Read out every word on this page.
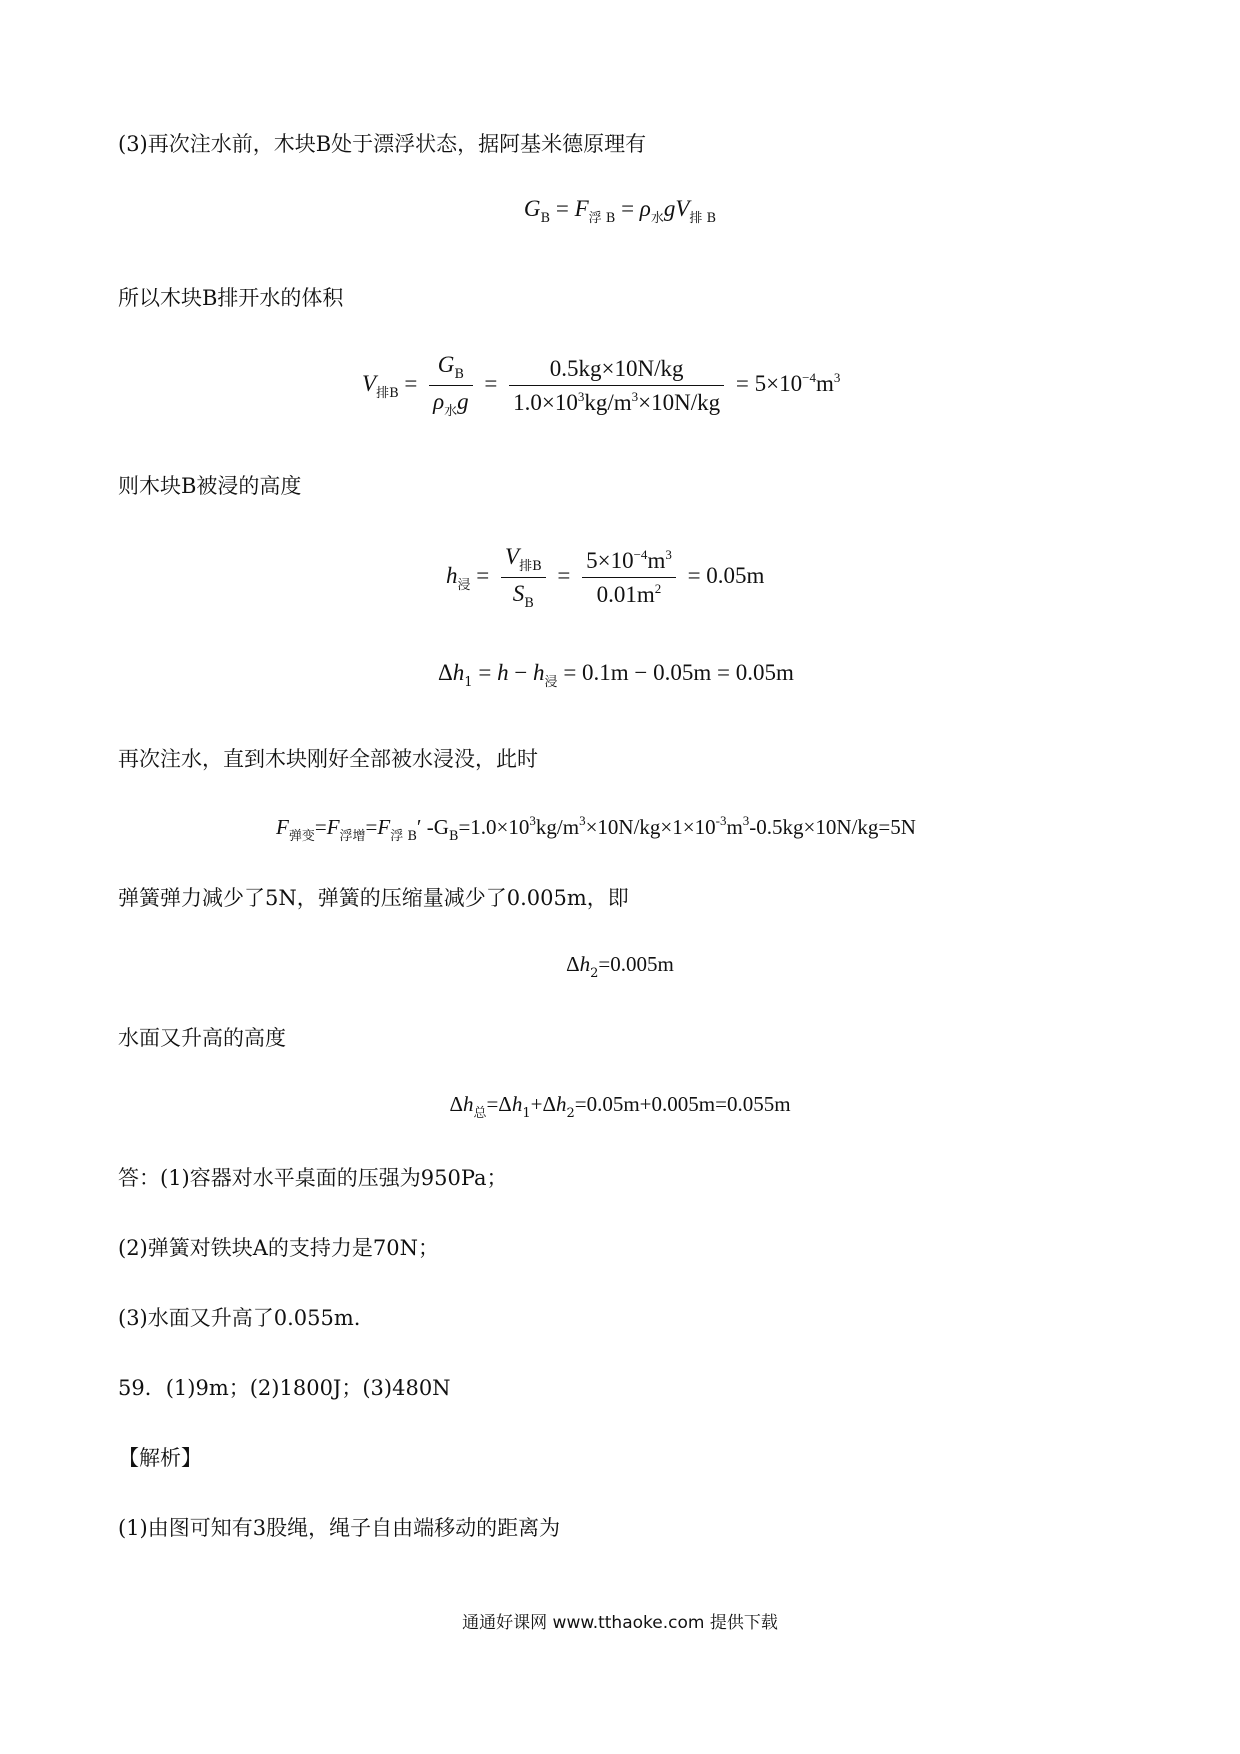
(3)再次注水前，木块B处于漂浮状态，据阿基米德原理有
$G_B = F_{浮 B} = \rho_水gV_{排 B}$
所以木块B排开水的体积
$V_{排B} = \frac{G_B}{\rho_水g} = \frac{0.5kg\times 10N/kg}{1.0\times 10^3kg/m^3\times 10N/kg} = 5\times 10^{-4}m^3$
则木块B被浸的高度
$h_浸 = \frac{V_{排B}}{S_B} = \frac{5\times 10^{-4}m^3}{0.01m^2} = 0.05m$
$\Delta h_1 = h - h_浸 = 0.1m - 0.05m = 0.05m$
再次注水，直到木块刚好全部被水浸没，此时
$F_{弹变}=F_{浮增}=F_{浮 B}'$ $-G_B=1.0\times 10^3kg/m^3\times 10N/kg\times 1\times 10^{-3}m^3-0.5kg\times 10N/kg=5N$
弹簧弹力减少了5N，弹簧的压缩量减少了0.005m，即
$\Delta h_2=0.005m$
水面又升高的高度
$\Delta h_总=\Delta h_1+\Delta h_2=0.05m+0.005m=0.055m$
答：(1)容器对水平桌面的压强为950Pa；
(2)弹簧对铁块A的支持力是70N；
(3)水面又升高了0.055m.
59．(1)9m；(2)1800J；(3)480N
【解析】
(1)由图可知有3股绳，绳子自由端移动的距离为
通通好课网 www.tthaoke.com 提供下载
